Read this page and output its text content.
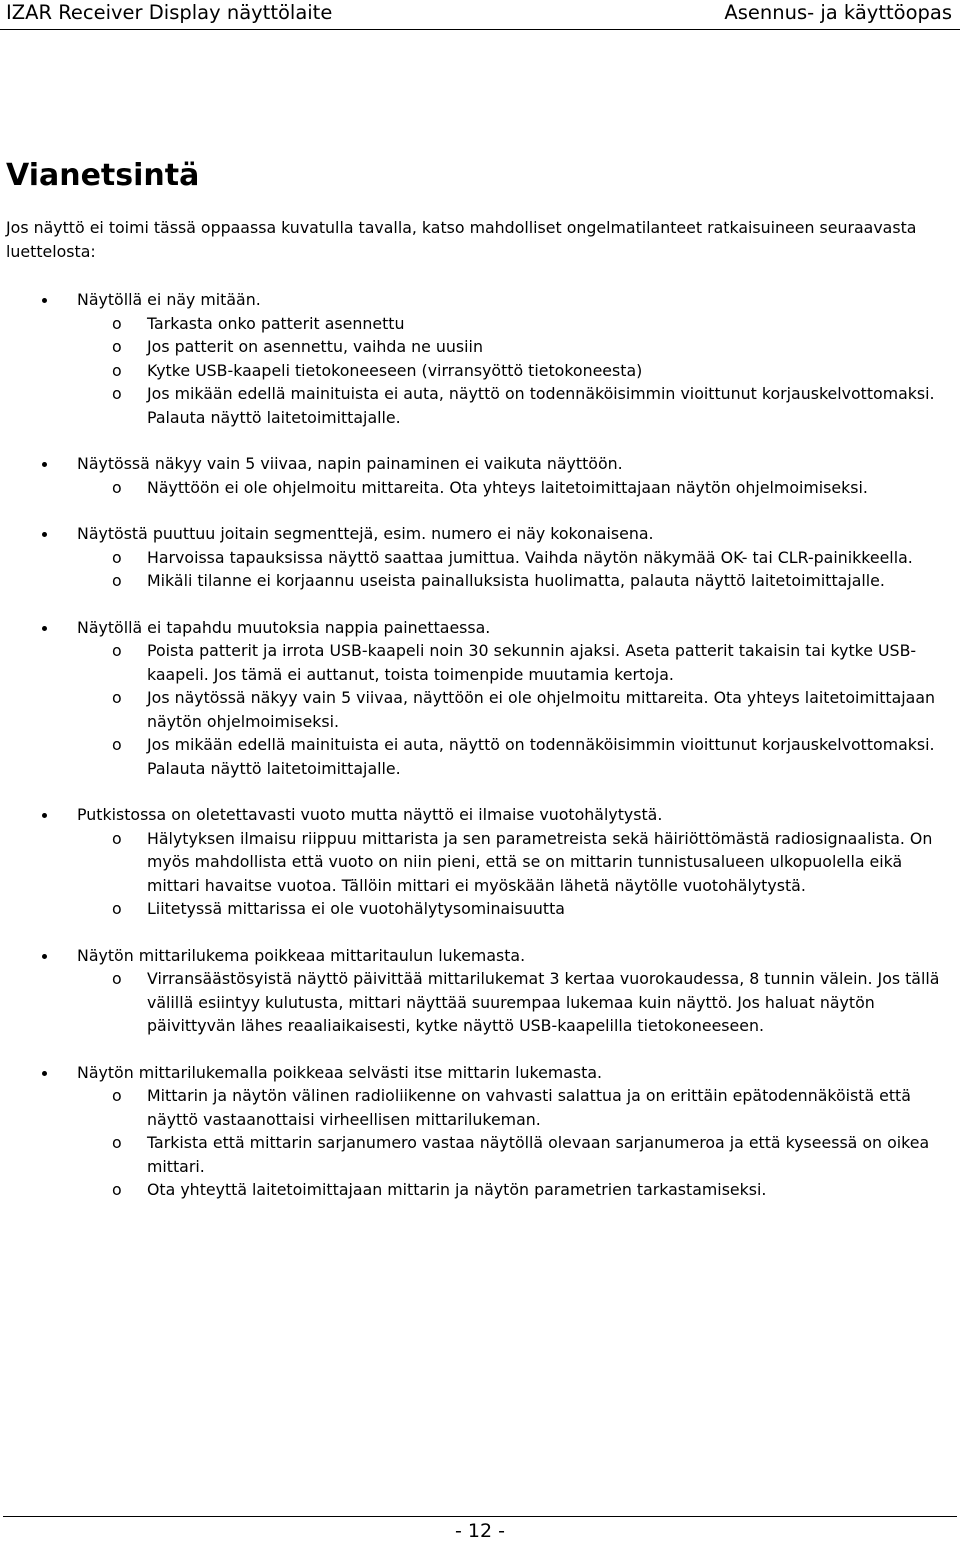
IZAR Receiver Display näyttölaite	Asennus- ja käyttöopas
Vianetsintä
Jos näyttö ei toimi tässä oppaassa kuvatulla tavalla, katso mahdolliset ongelmatilanteet ratkaisuineen seuraavasta luettelosta:
Näytöllä ei näy mitään.
o Tarkasta onko patterit asennettu
o Jos patterit on asennettu, vaihda ne uusiin
o Kytke USB-kaapeli tietokoneeseen (virransyöttö tietokoneesta)
o Jos mikään edellä mainituista ei auta, näyttö on todennäköisimmin vioittunut korjauskelvottomaksi. Palauta näyttö laitetoimittajalle.
Näytössä näkyy vain 5 viivaa, napin painaminen ei vaikuta näyttöön.
o Näyttöön ei ole ohjelmoitu mittareita. Ota yhteys laitetoimittajaan näytön ohjelmoimiseksi.
Näytöstä puuttuu joitain segmenttejä, esim. numero ei näy kokonaisena.
o Harvoissa tapauksissa näyttö saattaa jumittua. Vaihda näytön näkymää OK- tai CLR-painikkeella.
o Mikäli tilanne ei korjaannu useista painalluksista huolimatta, palauta näyttö laitetoimittajalle.
Näytöllä ei tapahdu muutoksia nappia painettaessa.
o Poista patterit ja irrota USB-kaapeli noin 30 sekunnin ajaksi. Aseta patterit takaisin tai kytke USB-kaapeli. Jos tämä ei auttanut, toista toimenpide muutamia kertoja.
o Jos näytössä näkyy vain 5 viivaa, näyttöön ei ole ohjelmoitu mittareita. Ota yhteys laitetoimittajaan näytön ohjelmoimiseksi.
o Jos mikään edellä mainituista ei auta, näyttö on todennäköisimmin vioittunut korjauskelvottomaksi. Palauta näyttö laitetoimittajalle.
Putkistossa on oletettavasti vuoto mutta näyttö ei ilmaise vuotohälytystä.
o Hälytyksen ilmaisu riippuu mittarista ja sen parametreista sekä häiriöttömästä radiosignaalista. On myös mahdollista että vuoto on niin pieni, että se on mittarin tunnistusalueen ulkopuolella eikä mittari havaitse vuotoa. Tällöin mittari ei myöskään lähetä näytölle vuotohälytystä.
o Liitetyssä mittarissa ei ole vuotohälytysominaisuutta
Näytön mittarilukema poikkeaa mittaritaulun lukemasta.
o Virransäästösyistä näyttö päivittää mittarilukemat 3 kertaa vuorokaudessa, 8 tunnin välein. Jos tällä välillä esiintyy kulutusta, mittari näyttää suurempaa lukemaa kuin näyttö. Jos haluat näytön päivittyvän lähes reaaliaikaisesti, kytke näyttö USB-kaapelilla tietokoneeseen.
Näytön mittarilukemalla poikkeaa selvästi itse mittarin lukemasta.
o Mittarin ja näytön välinen radioliikenne on vahvasti salattua ja on erittäin epätodennäköistä että näyttö vastaanottaisi virheellisen mittarilukeman.
o Tarkista että mittarin sarjanumero vastaa näytöllä olevaan sarjanumeroa ja että kyseessä on oikea mittari.
o Ota yhteyttä laitetoimittajaan mittarin ja näytön parametrien tarkastamiseksi.
- 12 -
